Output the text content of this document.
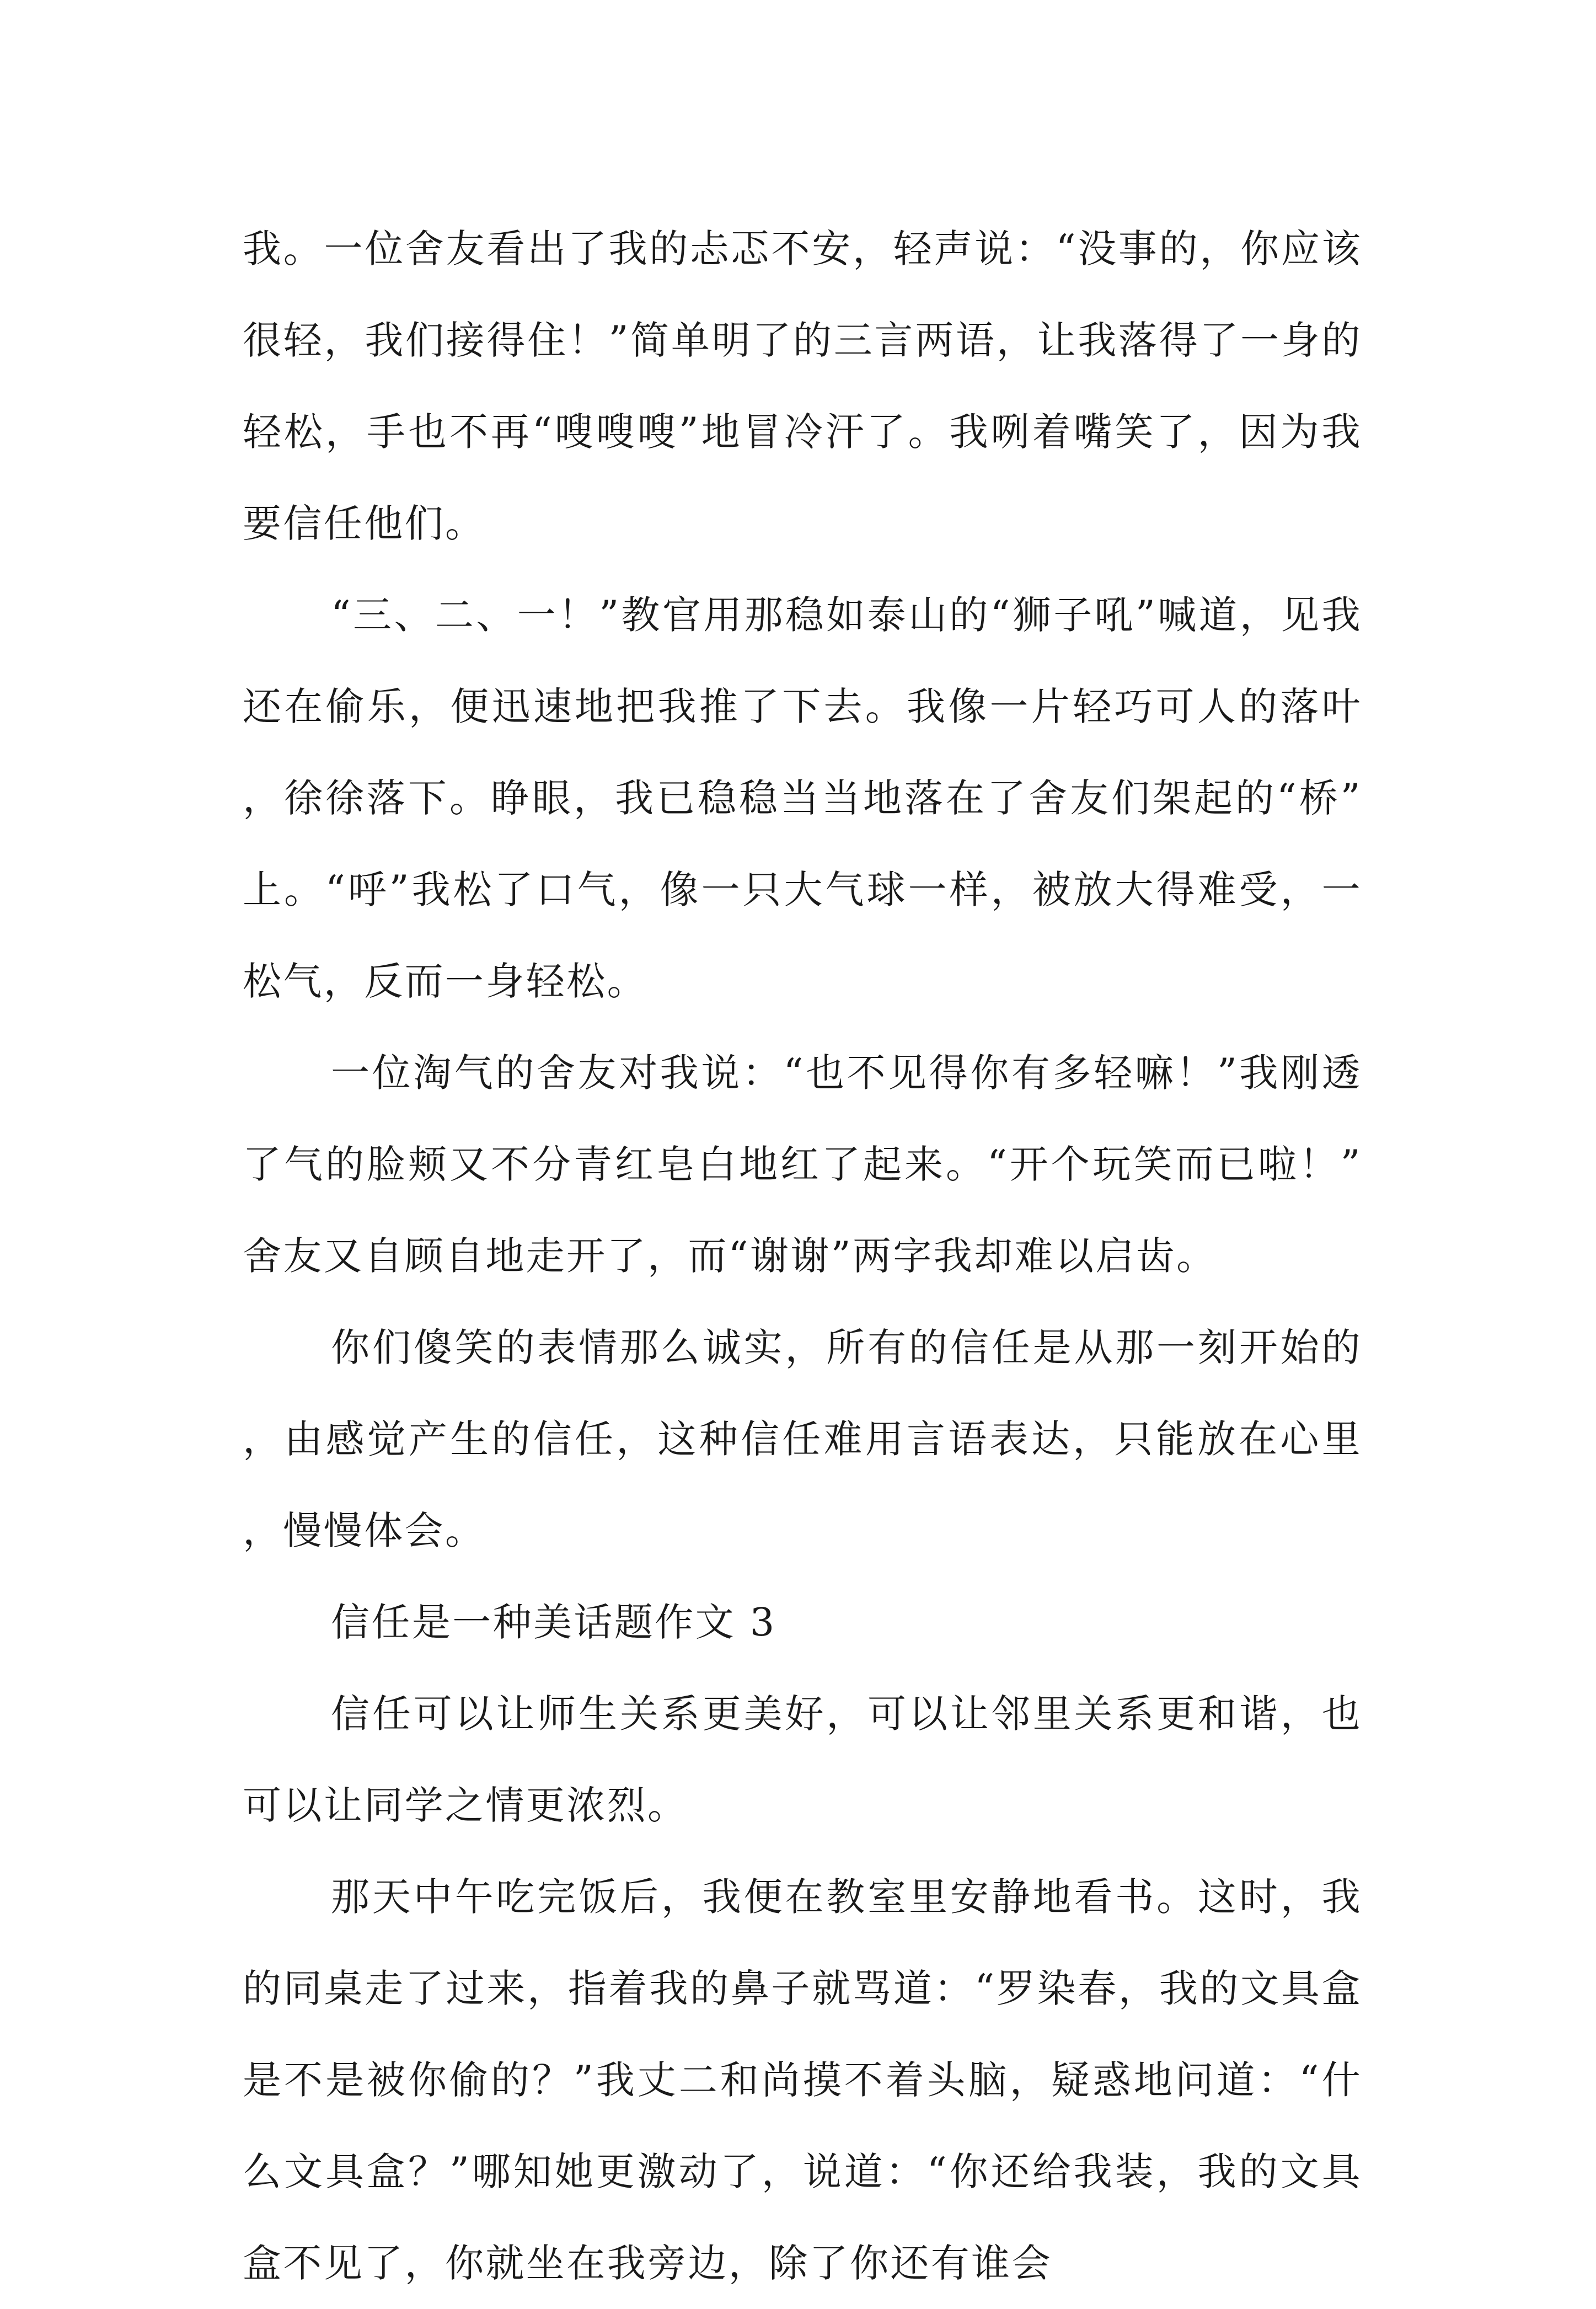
我。一位舍友看出了我的忐忑不安，轻声说：“没事的，你应该很轻，我们接得住！”简单明了的三言两语，让我落得了一身的轻松，手也不再“嗖嗖嗖”地冒冷汗了。我咧着嘴笑了，因为我要信任他们。

“三、二、一！”教官用那稳如泰山的“狮子吼”喊道，见我还在偷乐，便迅速地把我推了下去。我像一片轻巧可人的落叶，徐徐落下。睁眼，我已稳稳当当地落在了舍友们架起的“桥”上。“呼”我松了口气，像一只大气球一样，被放大得难受，一松气，反而一身轻松。

一位淘气的舍友对我说：“也不见得你有多轻嘛！”我刚透了气的脸颊又不分青红皂白地红了起来。“开个玩笑而已啦！”舍友又自顾自地走开了，而“谢谢”两字我却难以启齿。

你们傻笑的表情那么诚实，所有的信任是从那一刻开始的，由感觉产生的信任，这种信任难用言语表达，只能放在心里，慢慢体会。

信任是一种美话题作文 3

信任可以让师生关系更美好，可以让邻里关系更和谐，也可以让同学之情更浓烈。

那天中午吃完饭后，我便在教室里安静地看书。这时，我的同桌走了过来，指着我的鼻子就骂道：“罗染春，我的文具盒是不是被你偷的？”我丈二和尚摸不着头脑，疑惑地问道：“什么文具盒？”哪知她更激动了，说道：“你还给我装，我的文具盒不见了，你就坐在我旁边，除了你还有谁会
